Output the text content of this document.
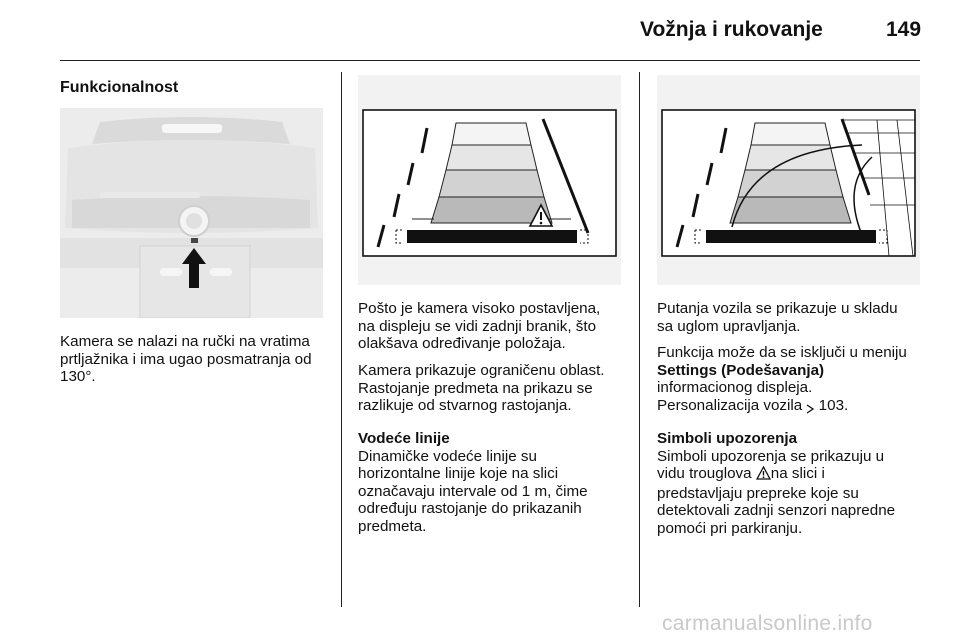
Vožnja i rukovanje	149
Funkcionalnost
Kamera se nalazi na ručki na vratima
prtljažnika i ima ugao posmatranja od
130°.
Pošto je kamera visoko postavljena,
na displeju se vidi zadnji branik, što
olakšava određivanje položaja.
Kamera prikazuje ograničenu oblast.
Rastojanje predmeta na prikazu se
razlikuje od stvarnog rastojanja.
Vodeće linije
Dinamičke vodeće linije su
horizontalne linije koje na slici
označavaju intervale od 1 m, čime
određuju rastojanje do prikazanih
predmeta.
Putanja vozila se prikazuje u skladu
sa uglom upravljanja.
Funkcija može da se isključi u meniju
Settings (Podešavanja)
informacionog displeja.
Personalizacija vozila 103.
Simboli upozorenja
Simboli upozorenja se prikazuju u
vidu trouglova na slici i
predstavljaju prepreke koje su
detektovali zadnji senzori napredne
pomoći pri parkiranju.
carmanualsonline.info
